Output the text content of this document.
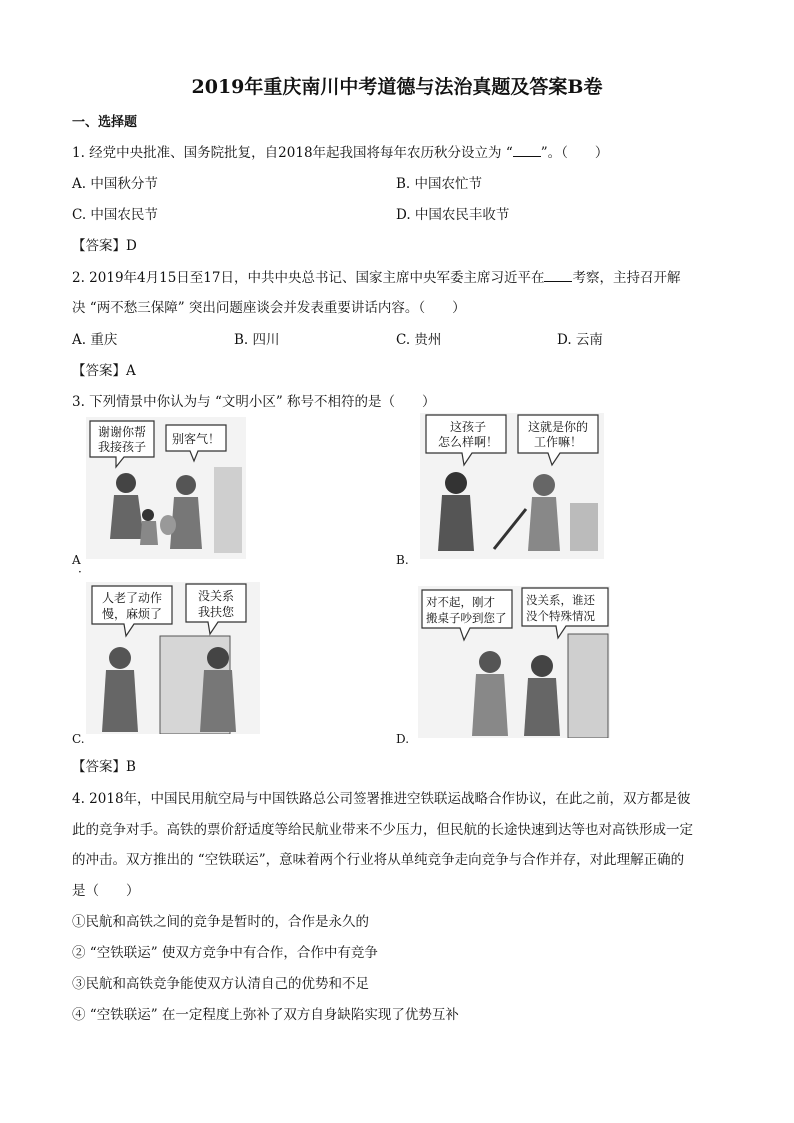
2019年重庆南川中考道德与法治真题及答案B卷
一、选择题
1. 经党中央批准、国务院批复，自2018年起我国将每年农历秋分设立为 “ ”。（　　）
A. 中国秋分节	B. 中国农忙节
C. 中国农民节	D. 中国农民丰收节
【答案】D
2. 2019年4月15日至17日，中共中央总书记、国家主席中央军委主席习近平在 考察，主持召开解
决 “两不愁三保障” 突出问题座谈会并发表重要讲话内容。（　　）
A. 重庆	B. 四川	C. 贵州	D. 云南
【答案】A
3. 下列情景中你认为与 “文明小区” 称号不相符的是（　　）
谢谢你帮
我接孩子
别客气！
A
·
这孩子
怎么样啊！
这就是你的
工作嘛！
B.
人老了动作
慢，麻烦了
没关系
我扶您
C.
对不起，刚才
搬桌子吵到您了
没关系，谁还
没个特殊情况
D.
【答案】B
4. 2018年，中国民用航空局与中国铁路总公司签署推进空铁联运战略合作协议，在此之前，双方都是彼
此的竞争对手。高铁的票价舒适度等给民航业带来不少压力，但民航的长途快速到达等也对高铁形成一定
的冲击。双方推出的 “空铁联运”，意味着两个行业将从单纯竞争走向竞争与合作并存，对此理解正确的
是（　　）
①民航和高铁之间的竞争是暂时的，合作是永久的
② “空铁联运” 使双方竞争中有合作，合作中有竞争
③民航和高铁竞争能使双方认清自己的优势和不足
④ “空铁联运” 在一定程度上弥补了双方自身缺陷实现了优势互补
